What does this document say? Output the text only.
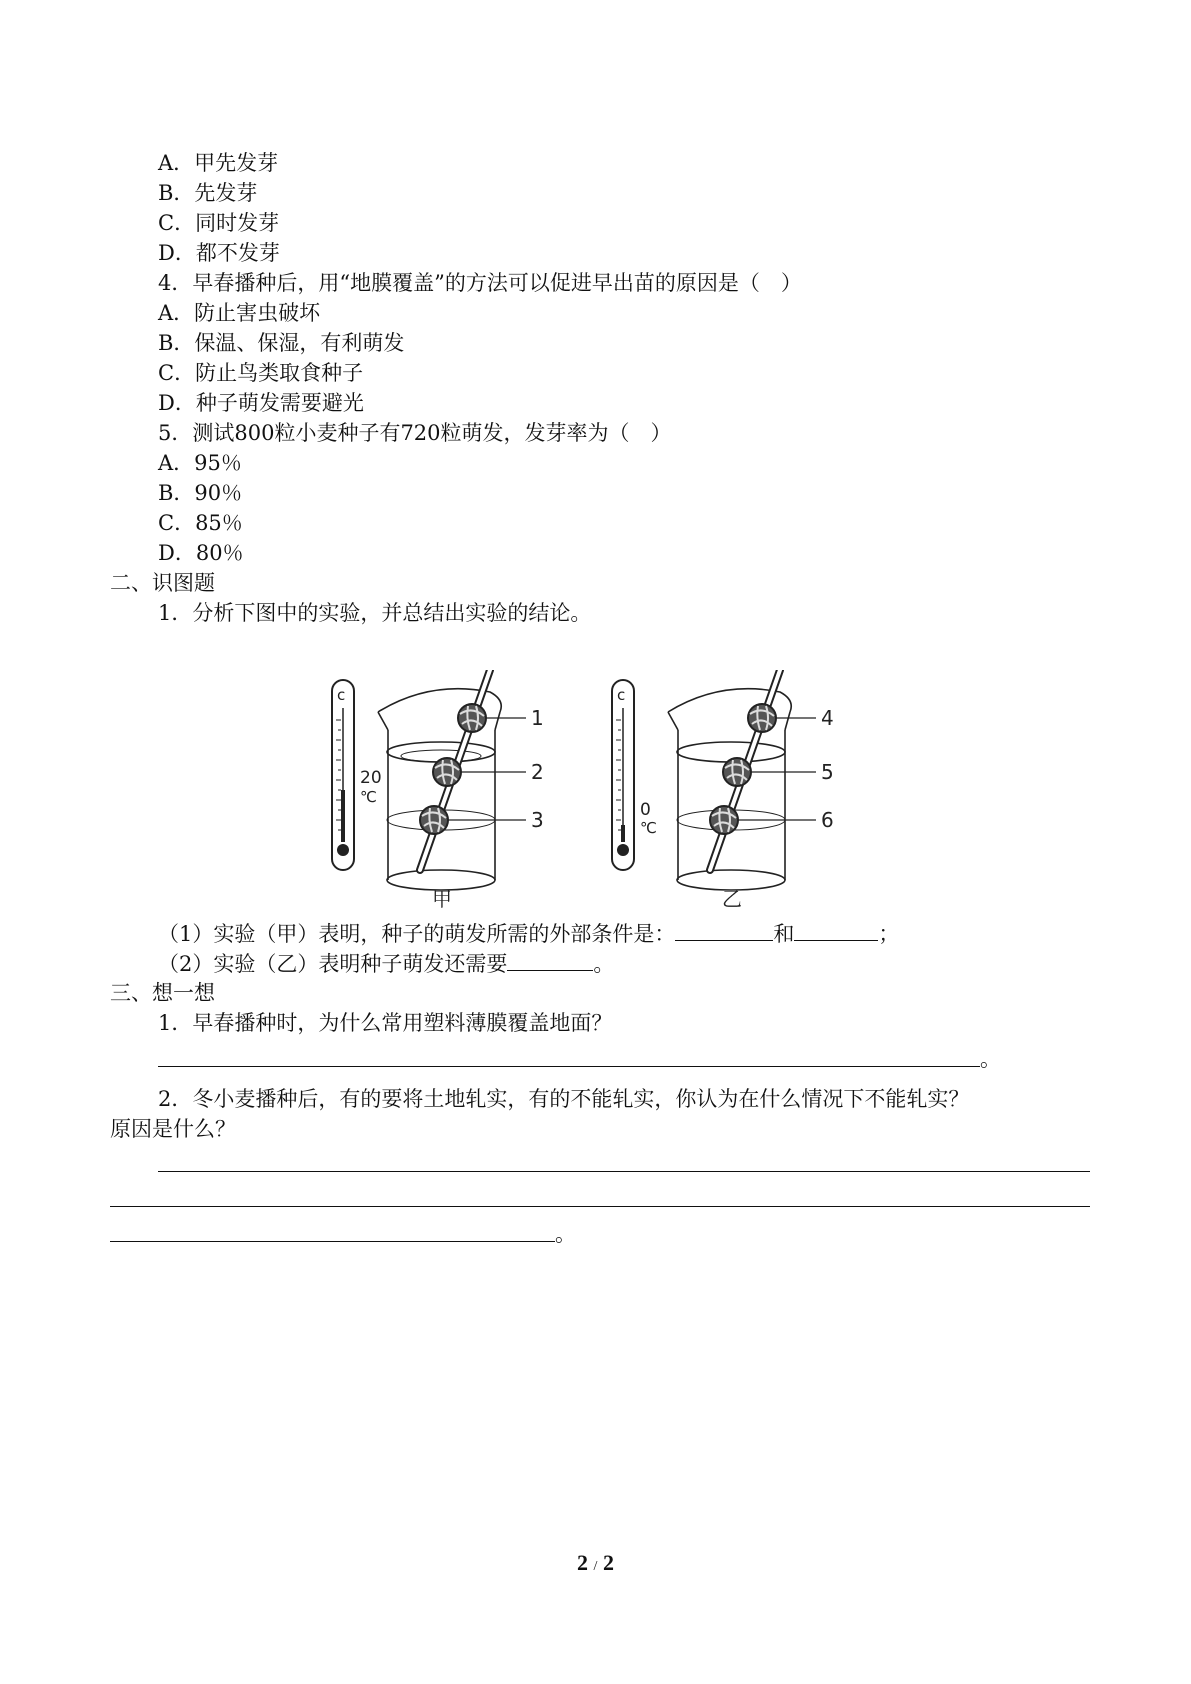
A．甲先发芽
B．先发芽
C．同时发芽
D．都不发芽
4．早春播种后，用“地膜覆盖”的方法可以促进早出苗的原因是（　）
A．防止害虫破坏
B．保温、保湿，有利萌发
C．防止鸟类取食种子
D．种子萌发需要避光
5．测试800粒小麦种子有720粒萌发，发芽率为（　）
A．95％
B．90％
C．85％
D．80％
二、识图题
1．分析下图中的实验，并总结出实验的结论。
c
20
℃
1
2
3
甲
c
0
℃
4
5
6
乙
（1）实验（甲）表明，种子的萌发所需的外部条件是：	和	；
（2）实验（乙）表明种子萌发还需要	。
三、想一想
1．早春播种时，为什么常用塑料薄膜覆盖地面？
。
2．冬小麦播种后，有的要将土地轧实，有的不能轧实，你认为在什么情况下不能轧实？
原因是什么？
。
2 / 2
